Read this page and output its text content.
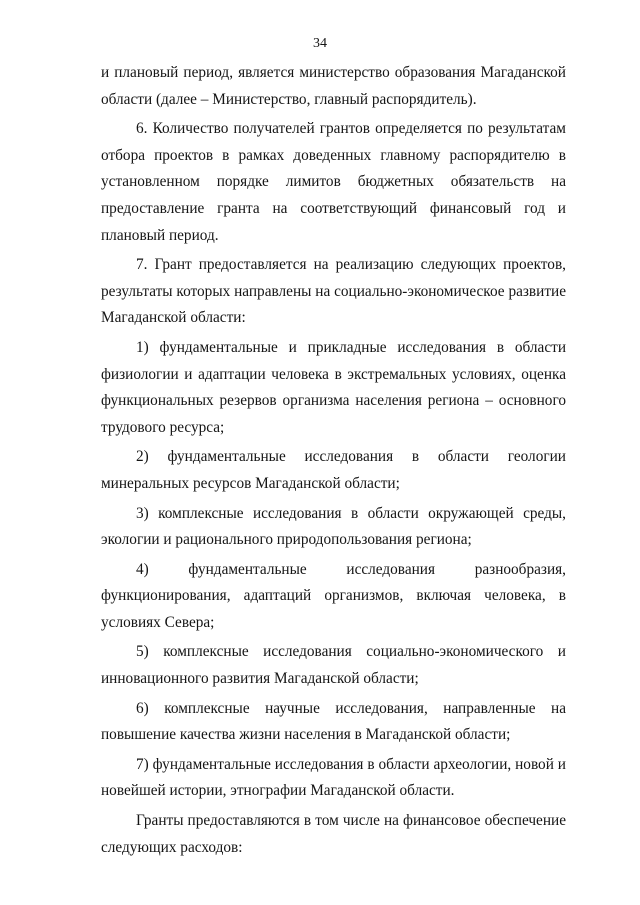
34

и плановый период, является министерство образования Магаданской области (далее – Министерство, главный распорядитель).

6. Количество получателей грантов определяется по результатам отбора проектов в рамках доведенных главному распорядителю в установленном порядке лимитов бюджетных обязательств на предоставление гранта на соответствующий финансовый год и плановый период.

7. Грант предоставляется на реализацию следующих проектов, результаты которых направлены на социально-экономическое развитие Магаданской области:

1) фундаментальные и прикладные исследования в области физиологии и адаптации человека в экстремальных условиях, оценка функциональных резервов организма населения региона – основного трудового ресурса;

2) фундаментальные исследования в области геологии минеральных ресурсов Магаданской области;

3) комплексные исследования в области окружающей среды, экологии и рационального природопользования региона;

4) фундаментальные исследования разнообразия, функционирования, адаптаций организмов, включая человека, в условиях Севера;

5) комплексные исследования социально-экономического и инновационного развития Магаданской области;

6) комплексные научные исследования, направленные на повышение качества жизни населения в Магаданской области;

7) фундаментальные исследования в области археологии, новой и новейшей истории, этнографии Магаданской области.

Гранты предоставляются в том числе на финансовое обеспечение следующих расходов:
